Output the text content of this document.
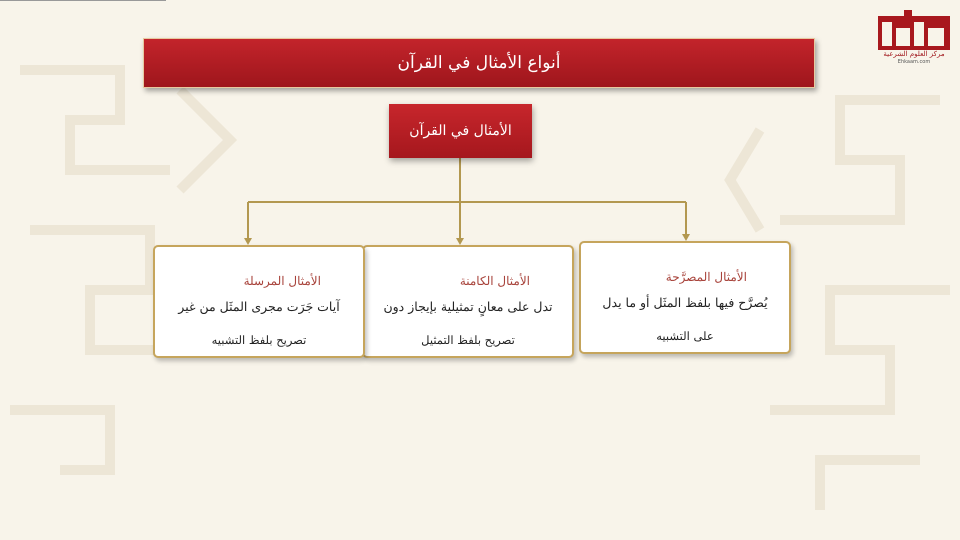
مركز العلوم الشرعية
Ehkaam.com
أنواع الأمثال في القرآن
الأمثال في القرآن
الأمثال المصرَّحة
يُصرَّح فيها بلفظ المثَل أو ما يدل
على التشبيه
الأمثال الكامنة
تدل على معانٍ تمثيلية بإيجاز دون
تصريح بلفظ التمثيل
الأمثال المرسلة
آيات جَرَت مجرى المثَل من غير
تصريح بلفظ التشبيه
